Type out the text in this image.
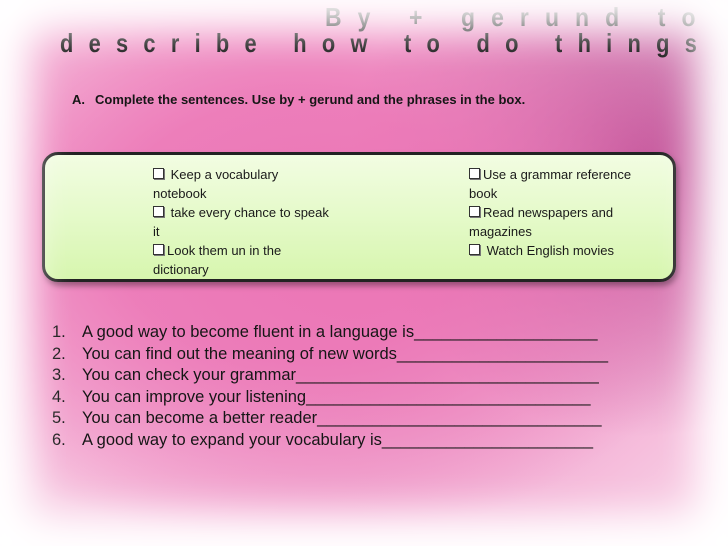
By + gerund to

describe how to do things

A. Complete the sentences. Use by + gerund and the phrases in the box.

Keep a vocabulary notebook

take every chance to speak it

Look them un in the dictionary

Use a grammar reference book

Read newspapers and magazines

Watch English movies

1. A good way to become fluent in a language is____________________
2. You can find out the meaning of new words_______________________
3. You can check your grammar_________________________________
4. You can improve your listening_______________________________
5. You can become a better reader_______________________________
6. A good way to expand your vocabulary is_______________________
